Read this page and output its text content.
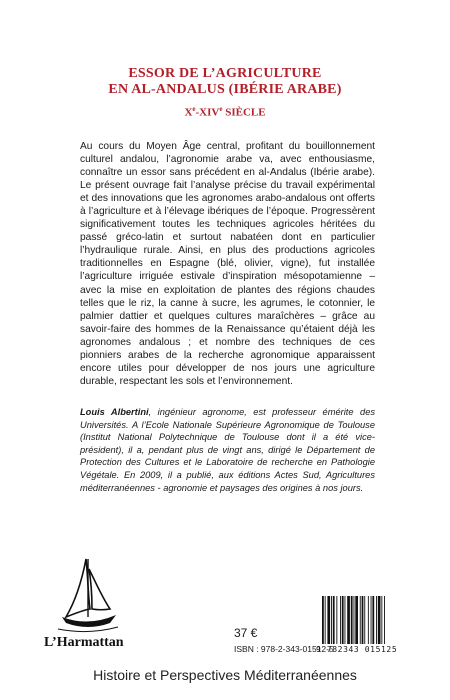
ESSOR DE L’AGRICULTURE
EN AL-ANDALUS (IBÉRIE ARABE)
Xe-XIVe SIÈCLE
Au cours du Moyen Âge central, profitant du bouillonnement culturel andalou, l’agronomie arabe va, avec enthousiasme, connaître un essor sans précédent en al-Andalus (Ibérie arabe). Le présent ouvrage fait l’analyse précise du travail expérimental et des innovations que les agronomes arabo-andalous ont offerts à l’agriculture et à l’élevage ibériques de l’époque. Progressèrent significativement toutes les techniques agricoles héritées du passé gréco-latin et surtout nabatéen dont en particulier l’hydraulique rurale. Ainsi, en plus des productions agricoles traditionnelles en Espagne (blé, olivier, vigne), fut installée l’agriculture irriguée estivale d’inspiration mésopotamienne – avec la mise en exploitation de plantes des régions chaudes telles que le riz, la canne à sucre, les agrumes, le cotonnier, le palmier dattier et quelques cultures maraîchères – grâce au savoir-faire des hommes de la Renaissance qu’étaient déjà les agronomes andalous ; et nombre des techniques de ces pionniers arabes de la recherche agronomique apparaissent encore utiles pour développer de nos jours une agriculture durable, respectant les sols et l’environnement.
Louis Albertini, ingénieur agronome, est professeur émérite des Universités. A l’Ecole Nationale Supérieure Agronomique de Toulouse (Institut National Polytechnique de Toulouse dont il a été vice-président), il a, pendant plus de vingt ans, dirigé le Département de Protection des Cultures et le Laboratoire de recherche en Pathologie Végétale. En 2009, il a publié, aux éditions Actes Sud, Agricultures méditerranéennes - agronomie et paysages des origines à nos jours.
L’Harmattan
37 €
ISBN : 978-2-343-01512-5
9 782343 015125
Histoire et Perspectives Méditerranéennes
